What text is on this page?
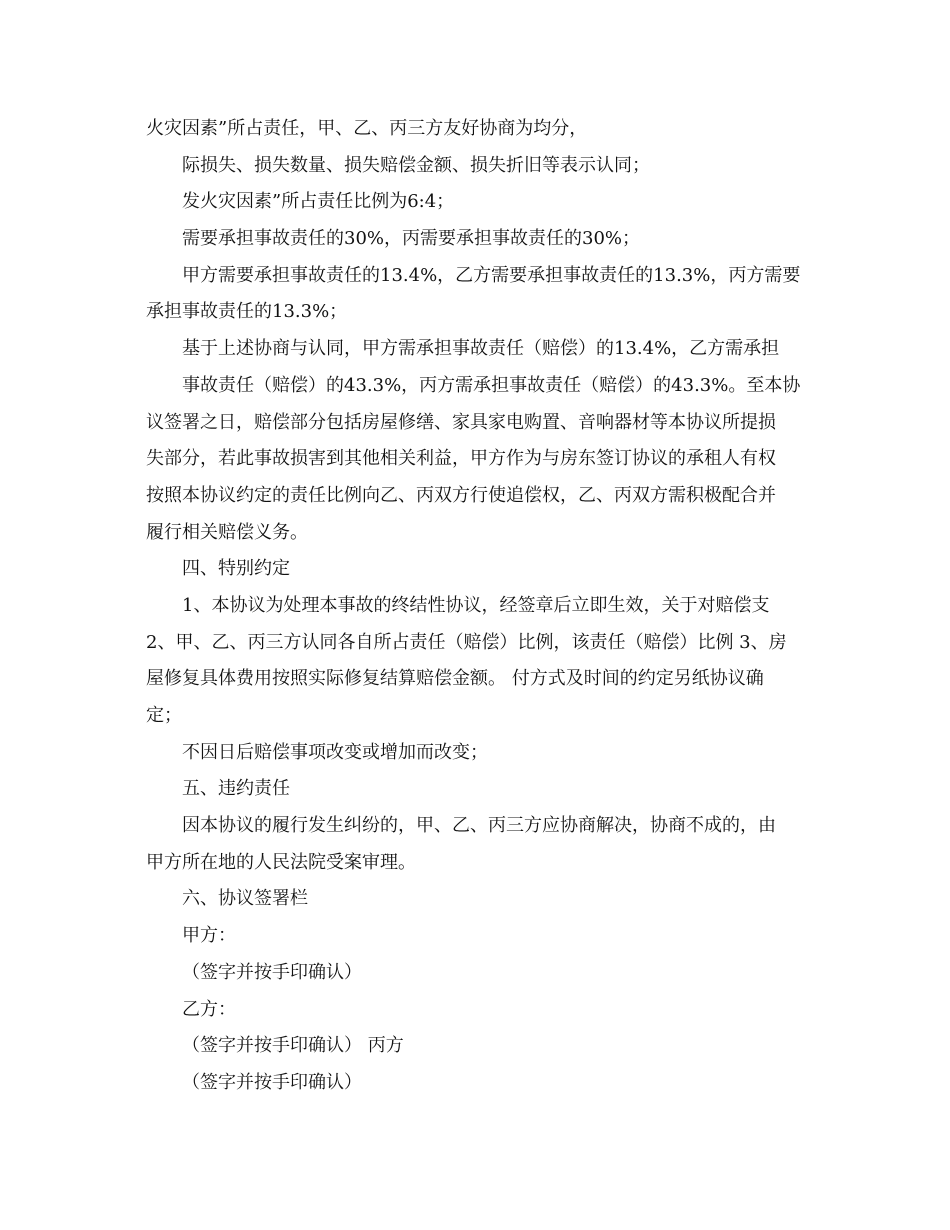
火灾因素”所占责任，甲、乙、丙三方友好协商为均分，
际损失、损失数量、损失赔偿金额、损失折旧等表示认同；
发火灾因素”所占责任比例为6:4；
需要承担事故责任的30%，丙需要承担事故责任的30%；
甲方需要承担事故责任的13.4%，乙方需要承担事故责任的13.3%，丙方需要
承担事故责任的13.3%；
基于上述协商与认同，甲方需承担事故责任（赔偿）的13.4%，乙方需承担
事故责任（赔偿）的43.3%，丙方需承担事故责任（赔偿）的43.3%。至本协
议签署之日，赔偿部分包括房屋修缮、家具家电购置、音响器材等本协议所提损
失部分，若此事故损害到其他相关利益，甲方作为与房东签订协议的承租人有权
按照本协议约定的责任比例向乙、丙双方行使追偿权，乙、丙双方需积极配合并
履行相关赔偿义务。
四、特别约定
1、本协议为处理本事故的终结性协议，经签章后立即生效，关于对赔偿支
2、甲、乙、丙三方认同各自所占责任（赔偿）比例，该责任（赔偿）比例 3、房
屋修复具体费用按照实际修复结算赔偿金额。 付方式及时间的约定另纸协议确
定；
不因日后赔偿事项改变或增加而改变；
五、违约责任
因本协议的履行发生纠纷的，甲、乙、丙三方应协商解决，协商不成的，由
甲方所在地的人民法院受案审理。
六、协议签署栏
甲方：
（签字并按手印确认）
乙方：
（签字并按手印确认） 丙方
（签字并按手印确认）
